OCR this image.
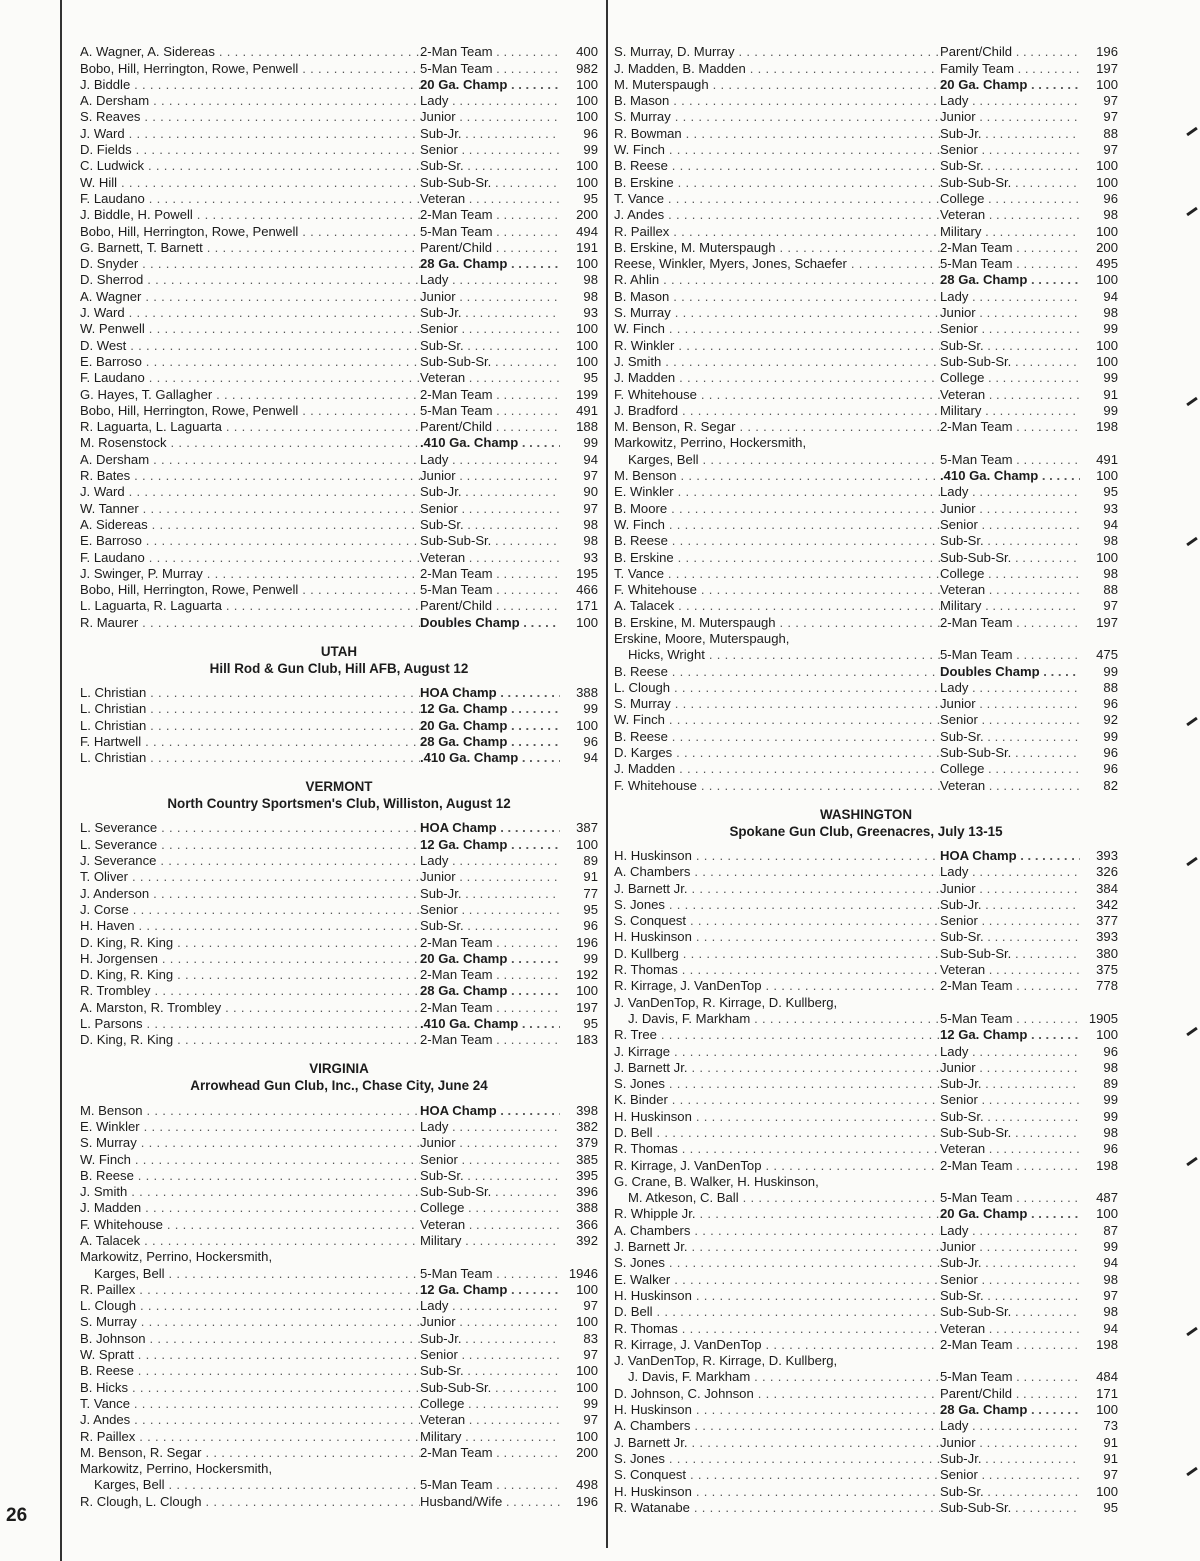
26
A. Wagner, A. Sidereas . . .	2-Man Team . . .	400
Bobo, Hill, Herrington, Rowe, Penwell . . .	5-Man Team . . .	982
J. Biddle . . .	20 Ga. Champ . . .	100
A. Dersham . . .	Lady . . .	100
S. Reaves . . .	Junior . . .	100
J. Ward . . .	Sub-Jr. . . .	96
D. Fields . . .	Senior . . .	99
C. Ludwick . . .	Sub-Sr. . . .	100
W. Hill . . .	Sub-Sub-Sr. . . .	100
F. Laudano . . .	Veteran . . .	95
J. Biddle, H. Powell . . .	2-Man Team . . .	200
Bobo, Hill, Herrington, Rowe, Penwell . . .	5-Man Team . . .	494
G. Barnett, T. Barnett . . .	Parent/Child . . .	191
D. Snyder . . .	28 Ga. Champ . . .	100
D. Sherrod . . .	Lady . . .	98
A. Wagner . . .	Junior . . .	98
J. Ward . . .	Sub-Jr. . . .	93
W. Penwell . . .	Senior . . .	100
D. West . . .	Sub-Sr. . . .	100
E. Barroso . . .	Sub-Sub-Sr. . . .	100
F. Laudano . . .	Veteran . . .	95
G. Hayes, T. Gallagher . . .	2-Man Team . . .	199
Bobo, Hill, Herrington, Rowe, Penwell . . .	5-Man Team . . .	491
R. Laguarta, L. Laguarta . . .	Parent/Child . . .	188
M. Rosenstock . . .	.410 Ga. Champ . . .	99
A. Dersham . . .	Lady . . .	94
R. Bates . . .	Junior . . .	97
J. Ward . . .	Sub-Jr. . . .	90
W. Tanner . . .	Senior . . .	97
A. Sidereas . . .	Sub-Sr. . . .	98
E. Barroso . . .	Sub-Sub-Sr. . . .	98
F. Laudano . . .	Veteran . . .	93
J. Swinger, P. Murray . . .	2-Man Team . . .	195
Bobo, Hill, Herrington, Rowe, Penwell . . .	5-Man Team . . .	466
L. Laguarta, R. Laguarta . . .	Parent/Child . . .	171
R. Maurer . . .	Doubles Champ . . .	100
UTAH
Hill Rod & Gun Club, Hill AFB, August 12
L. Christian . . .	HOA Champ . . .	388
L. Christian . . .	12 Ga. Champ . . .	99
L. Christian . . .	20 Ga. Champ . . .	100
F. Hartwell . . .	28 Ga. Champ . . .	96
L. Christian . . .	.410 Ga. Champ . . .	94
VERMONT
North Country Sportsmen's Club, Williston, August 12
L. Severance . . .	HOA Champ . . .	387
L. Severance . . .	12 Ga. Champ . . .	100
J. Severance . . .	Lady . . .	89
T. Oliver . . .	Junior . . .	91
J. Anderson . . .	Sub-Jr. . . .	77
J. Corse . . .	Senior . . .	95
H. Haven . . .	Sub-Sr. . . .	96
D. King, R. King . . .	2-Man Team . . .	196
H. Jorgensen . . .	20 Ga. Champ . . .	99
D. King, R. King . . .	2-Man Team . . .	192
R. Trombley . . .	28 Ga. Champ . . .	100
A. Marston, R. Trombley . . .	2-Man Team . . .	197
L. Parsons . . .	.410 Ga. Champ . . .	95
D. King, R. King . . .	2-Man Team . . .	183
VIRGINIA
Arrowhead Gun Club, Inc., Chase City, June 24
M. Benson . . .	HOA Champ . . .	398
E. Winkler . . .	Lady . . .	382
S. Murray . . .	Junior . . .	379
W. Finch . . .	Senior . . .	385
B. Reese . . .	Sub-Sr. . . .	395
J. Smith . . .	Sub-Sub-Sr. . . .	396
J. Madden . . .	College . . .	388
F. Whitehouse . . .	Veteran . . .	366
A. Talacek . . .	Military . . .	392
Markowitz, Perrino, Hockersmith,
Karges, Bell . . .	5-Man Team . . .	1946
R. Paillex . . .	12 Ga. Champ . . .	100
L. Clough . . .	Lady . . .	97
S. Murray . . .	Junior . . .	100
B. Johnson . . .	Sub-Jr. . . .	83
W. Spratt . . .	Senior . . .	97
B. Reese . . .	Sub-Sr. . . .	100
B. Hicks . . .	Sub-Sub-Sr. . . .	100
T. Vance . . .	College . . .	99
J. Andes . . .	Veteran . . .	97
R. Paillex . . .	Military . . .	100
M. Benson, R. Segar . . .	2-Man Team . . .	200
Markowitz, Perrino, Hockersmith,
Karges, Bell . . .	5-Man Team . . .	498
R. Clough, L. Clough . . .	Husband/Wife . . .	196
S. Murray, D. Murray . . .	Parent/Child . . .	196
J. Madden, B. Madden . . .	Family Team . . .	197
M. Muterspaugh . . .	20 Ga. Champ . . .	100
B. Mason . . .	Lady . . .	97
S. Murray . . .	Junior . . .	97
R. Bowman . . .	Sub-Jr. . . .	88
W. Finch . . .	Senior . . .	97
B. Reese . . .	Sub-Sr. . . .	100
B. Erskine . . .	Sub-Sub-Sr. . . .	100
T. Vance . . .	College . . .	96
J. Andes . . .	Veteran . . .	98
R. Paillex . . .	Military . . .	100
B. Erskine, M. Muterspaugh . . .	2-Man Team . . .	200
Reese, Winkler, Myers, Jones, Schaefer . . .	5-Man Team . . .	495
R. Ahlin . . .	28 Ga. Champ . . .	100
B. Mason . . .	Lady . . .	94
S. Murray . . .	Junior . . .	98
W. Finch . . .	Senior . . .	99
R. Winkler . . .	Sub-Sr. . . .	100
J. Smith . . .	Sub-Sub-Sr. . . .	100
J. Madden . . .	College . . .	99
F. Whitehouse . . .	Veteran . . .	91
J. Bradford . . .	Military . . .	99
M. Benson, R. Segar . . .	2-Man Team . . .	198
Markowitz, Perrino, Hockersmith,
Karges, Bell . . .	5-Man Team . . .	491
M. Benson . . .	.410 Ga. Champ . . .	100
E. Winkler . . .	Lady . . .	95
B. Moore . . .	Junior . . .	93
W. Finch . . .	Senior . . .	94
B. Reese . . .	Sub-Sr. . . .	98
B. Erskine . . .	Sub-Sub-Sr. . . .	100
T. Vance . . .	College . . .	98
F. Whitehouse . . .	Veteran . . .	88
A. Talacek . . .	Military . . .	97
B. Erskine, M. Muterspaugh . . .	2-Man Team . . .	197
Erskine, Moore, Muterspaugh,
Hicks, Wright . . .	5-Man Team . . .	475
B. Reese . . .	Doubles Champ . . .	99
L. Clough . . .	Lady . . .	88
S. Murray . . .	Junior . . .	96
W. Finch . . .	Senior . . .	92
B. Reese . . .	Sub-Sr. . . .	99
D. Karges . . .	Sub-Sub-Sr. . . .	96
J. Madden . . .	College . . .	96
F. Whitehouse . . .	Veteran . . .	82
WASHINGTON
Spokane Gun Club, Greenacres, July 13-15
H. Huskinson . . .	HOA Champ . . .	393
A. Chambers . . .	Lady . . .	326
J. Barnett Jr. . . .	Junior . . .	384
S. Jones . . .	Sub-Jr. . . .	342
S. Conquest . . .	Senior . . .	377
H. Huskinson . . .	Sub-Sr. . . .	393
D. Kullberg . . .	Sub-Sub-Sr. . . .	380
R. Thomas . . .	Veteran . . .	375
R. Kirrage, J. VanDenTop . . .	2-Man Team . . .	778
J. VanDenTop, R. Kirrage, D. Kullberg,
J. Davis, F. Markham . . .	5-Man Team . . .	1905
R. Tree . . .	12 Ga. Champ . . .	100
J. Kirrage . . .	Lady . . .	96
J. Barnett Jr. . . .	Junior . . .	98
S. Jones . . .	Sub-Jr. . . .	89
K. Binder . . .	Senior . . .	99
H. Huskinson . . .	Sub-Sr. . . .	99
D. Bell . . .	Sub-Sub-Sr. . . .	98
R. Thomas . . .	Veteran . . .	96
R. Kirrage, J. VanDenTop . . .	2-Man Team . . .	198
G. Crane, B. Walker, H. Huskinson,
M. Atkeson, C. Ball . . .	5-Man Team . . .	487
R. Whipple Jr. . . .	20 Ga. Champ . . .	100
A. Chambers . . .	Lady . . .	87
J. Barnett Jr. . . .	Junior . . .	99
S. Jones . . .	Sub-Jr. . . .	94
E. Walker . . .	Senior . . .	98
H. Huskinson . . .	Sub-Sr. . . .	97
D. Bell . . .	Sub-Sub-Sr. . . .	98
R. Thomas . . .	Veteran . . .	94
R. Kirrage, J. VanDenTop . . .	2-Man Team . . .	198
J. VanDenTop, R. Kirrage, D. Kullberg,
J. Davis, F. Markham . . .	5-Man Team . . .	484
D. Johnson, C. Johnson . . .	Parent/Child . . .	171
H. Huskinson . . .	28 Ga. Champ . . .	100
A. Chambers . . .	Lady . . .	73
J. Barnett Jr. . . .	Junior . . .	91
S. Jones . . .	Sub-Jr. . . .	91
S. Conquest . . .	Senior . . .	97
H. Huskinson . . .	Sub-Sr. . . .	100
R. Watanabe . . .	Sub-Sub-Sr. . . .	95
